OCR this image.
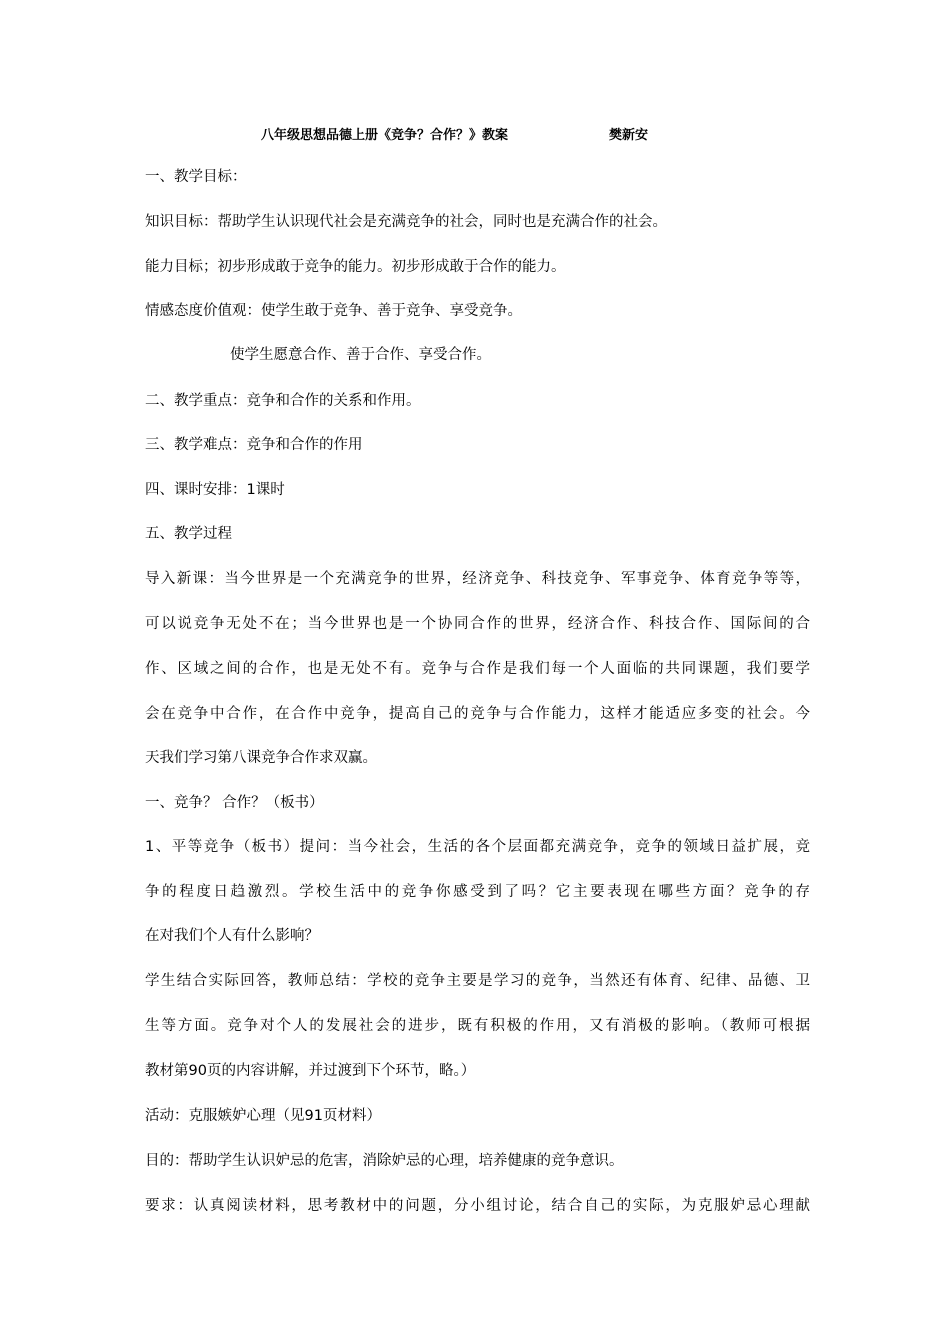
八年级思想品德上册《竞争？合作？》教案	樊新安
一、教学目标：
知识目标：帮助学生认识现代社会是充满竞争的社会，同时也是充满合作的社会。
能力目标；初步形成敢于竞争的能力。初步形成敢于合作的能力。
情感态度价值观：使学生敢于竞争、善于竞争、享受竞争。
使学生愿意合作、善于合作、享受合作。
二、教学重点：竞争和合作的关系和作用。
三、教学难点：竞争和合作的作用
四、课时安排：1课时
五、教学过程
导入新课：当今世界是一个充满竞争的世界，经济竞争、科技竞争、军事竞争、体育竞争等等，
可以说竞争无处不在；当今世界也是一个协同合作的世界，经济合作、科技合作、国际间的合
作、区域之间的合作，也是无处不有。竞争与合作是我们每一个人面临的共同课题，我们要学
会在竞争中合作，在合作中竞争，提高自己的竞争与合作能力，这样才能适应多变的社会。今
天我们学习第八课竞争合作求双赢。
一、竞争？ 合作？（板书）
1、平等竞争（板书）提问：当今社会，生活的各个层面都充满竞争，竞争的领域日益扩展，竞
争的程度日趋激烈。学校生活中的竞争你感受到了吗？它主要表现在哪些方面？竞争的存
在对我们个人有什么影响？
学生结合实际回答，教师总结：学校的竞争主要是学习的竞争，当然还有体育、纪律、品德、卫
生等方面。竞争对个人的发展社会的进步，既有积极的作用，又有消极的影响。（教师可根据
教材第90页的内容讲解，并过渡到下个环节，略。）
活动：克服嫉妒心理（见91页材料）
目的：帮助学生认识妒忌的危害，消除妒忌的心理，培养健康的竞争意识。
要求：认真阅读材料，思考教材中的问题，分小组讨论，结合自己的实际，为克服妒忌心理献
